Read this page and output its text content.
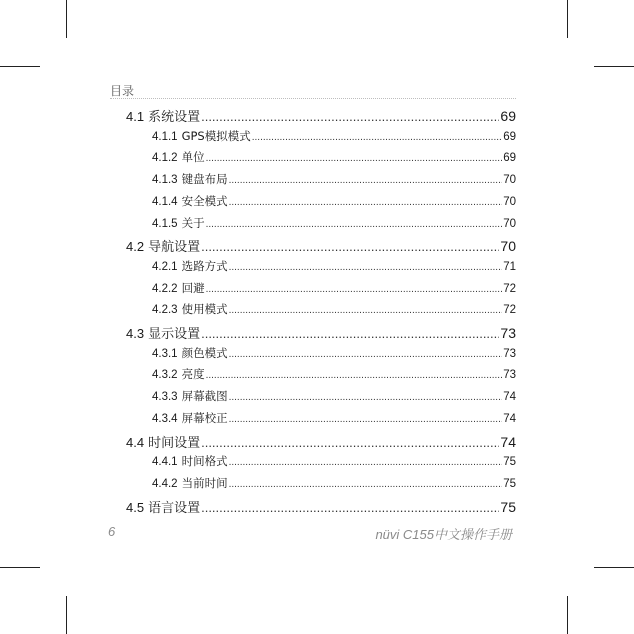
目录
4.1 系统设置 .....	69
4.1.1 GPS模拟模式 .....	69
4.1.2 单位 .....	69
4.1.3 键盘布局 .....	70
4.1.4 安全模式 .....	70
4.1.5 关于 .....	70
4.2 导航设置 .....	70
4.2.1 选路方式 .....	71
4.2.2 回避 .....	72
4.2.3 使用模式 .....	72
4.3 显示设置 .....	73
4.3.1 颜色模式 .....	73
4.3.2 亮度 .....	73
4.3.3 屏幕截图 .....	74
4.3.4 屏幕校正 .....	74
4.4 时间设置 .....	74
4.4.1 时间格式 .....	75
4.4.2 当前时间 .....	75
4.5 语言设置 .....	75
6	nüvi C155中文操作手册
